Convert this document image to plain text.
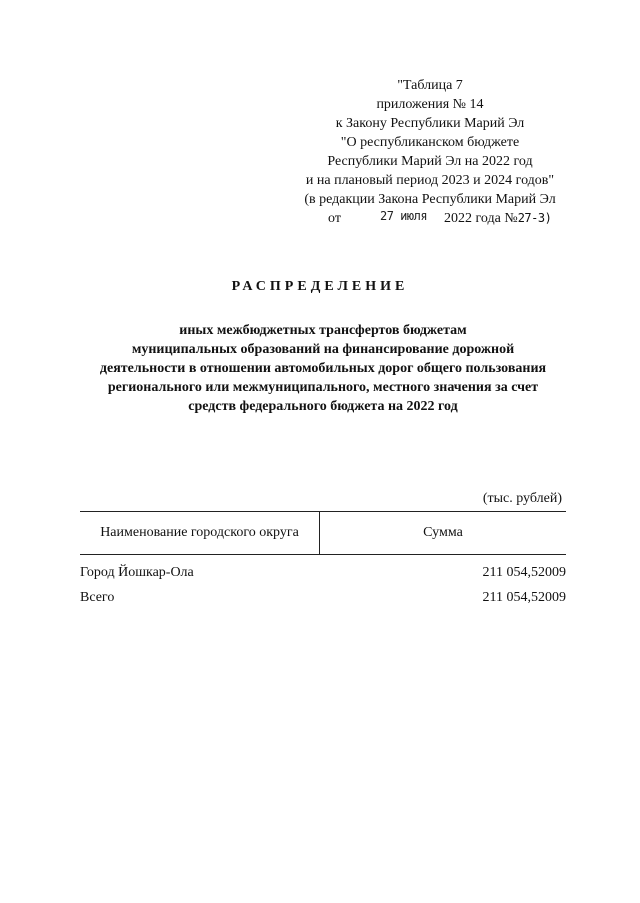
"Таблица 7
приложения № 14
к Закону Республики Марий Эл
"О республиканском бюджете
Республики Марий Эл на 2022 год
и на плановый период 2023 и 2024 годов"
(в редакции Закона Республики Марий Эл
от	27 июля 2022 года №27-3)
РАСПРЕДЕЛЕНИЕ
иных межбюджетных трансфертов бюджетам
муниципальных образований на финансирование дорожной
деятельности в отношении автомобильных дорог общего пользования
регионального или межмуниципального, местного значения за счет
средств федерального бюджета на 2022 год
(тыс. рублей)
Наименование городского округа	Сумма
Город Йошкар-Ола	211 054,52009
Всего	211 054,52009
